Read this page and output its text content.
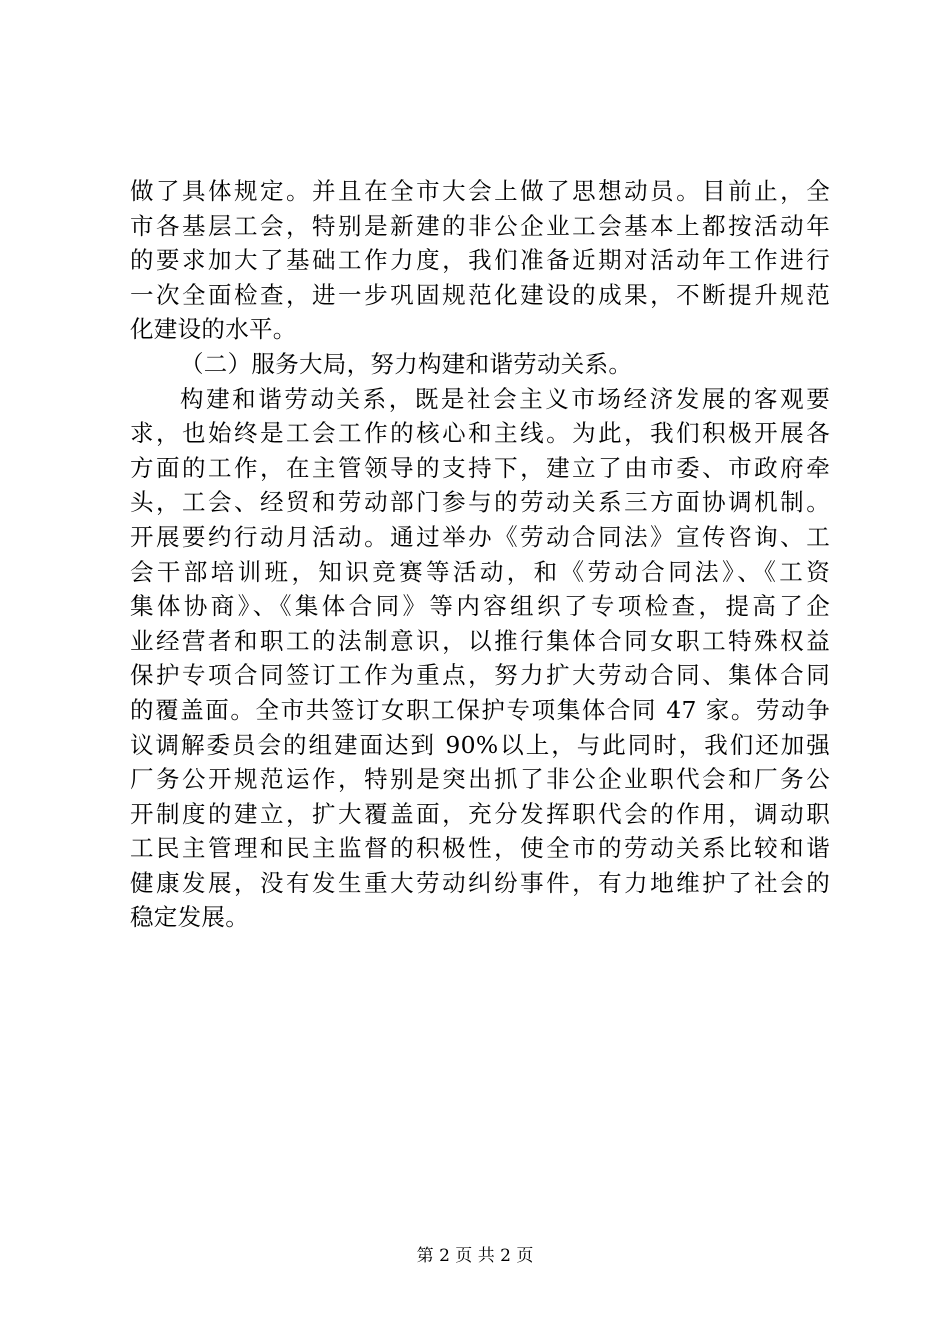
做了具体规定。并且在全市大会上做了思想动员。目前止，全
市各基层工会，特别是新建的非公企业工会基本上都按活动年
的要求加大了基础工作力度，我们准备近期对活动年工作进行
一次全面检查，进一步巩固规范化建设的成果，不断提升规范
化建设的水平。
（二）服务大局，努力构建和谐劳动关系。
构建和谐劳动关系，既是社会主义市场经济发展的客观要
求，也始终是工会工作的核心和主线。为此，我们积极开展各
方面的工作，在主管领导的支持下，建立了由市委、市政府牵
头，工会、经贸和劳动部门参与的劳动关系三方面协调机制。
开展要约行动月活动。通过举办《劳动合同法》宣传咨询、工
会干部培训班，知识竞赛等活动，和《劳动合同法》、《工资
集体协商》、《集体合同》等内容组织了专项检查，提高了企
业经营者和职工的法制意识，以推行集体合同女职工特殊权益
保护专项合同签订工作为重点，努力扩大劳动合同、集体合同
的覆盖面。全市共签订女职工保护专项集体合同 47 家。劳动争
议调解委员会的组建面达到 90%以上，与此同时，我们还加强
厂务公开规范运作，特别是突出抓了非公企业职代会和厂务公
开制度的建立，扩大覆盖面，充分发挥职代会的作用，调动职
工民主管理和民主监督的积极性，使全市的劳动关系比较和谐
健康发展，没有发生重大劳动纠纷事件，有力地维护了社会的
稳定发展。
第 2 页 共 2 页
